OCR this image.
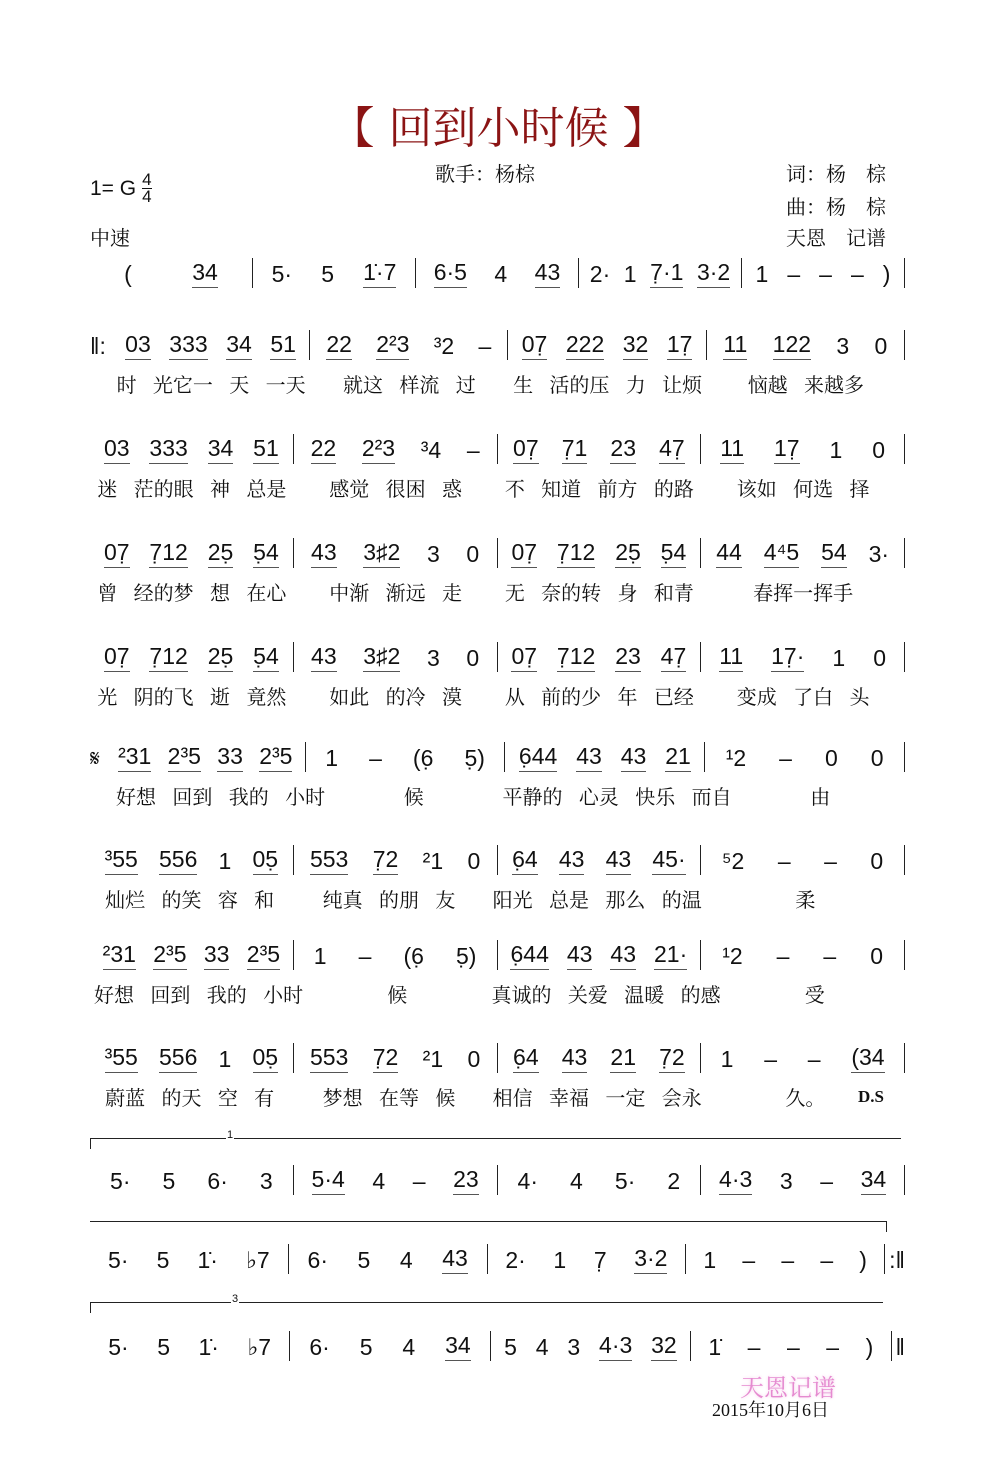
【 回到小时候 】
歌手：杨棕
1= G $\frac{4}{4}$
中速
词：杨　棕
曲：杨　棕
天恩　记谱
(	34 5· 5 1̇·7 6·5 4 43 2· 1 7̣·1 3·2 1 – – – )
‖: 03 333 34 51 22 2²3 ³2 – 07̣ 222 32 17̣ 11 122 3 0
时 光它一 天 一天 就这 样流 过 生 活的压 力 让烦 恼越 来越多
03 333 34 51 22 2²3 ³4 – 07̣ 7̣1 23 47̣ 11 17̣ 1 0
迷 茫的眼 神 总是 感觉 很困 惑 不 知道 前方 的路 该如 何选 择
07̣ 7̣12 25̣ 5̣4 43 3♯2 3 0 07̣ 7̣12 25̣ 5̣4 44 4⁴5 54 3·
曾 经的梦 想 在心 中渐 渐远 走 无 奈的转 身 和青	春挥一挥手
07̣ 7̣12 25̣ 5̣4 43 3♯2 3 0 07̣ 7̣12 23 47̣ 11 17̣· 1 0
光 阴的飞 逝 竟然 如此 的冷 漠 从 前的少 年 已经 变成 了白 头
𝄋 ²31 2³5 33 2³5 1 – (6̣ 5̣) 6̣44 43 43 21 ¹2 – 0 0
好想 回到 我的 小时	候	平静的 心灵 快乐 而自	由
³55 556 1 05̣ 553 7̣2 ²1 0 6̣4 43 43 45· ⁵2 – – 0
灿烂 的笑 容 和 纯真 的朋 友 阳光 总是 那么 的温	柔
²31 2³5 33 2³5 1 – (6̣ 5̣) 6̣44 43 43 21· ¹2 – – 0
好想 回到 我的 小时	候	真诚的 关爱 温暖 的感	受
³55 556 1 05̣ 553 7̣2 ²1 0 6̣4 43 21 7̣2 1 – – (34
蔚蓝 的天 空 有 梦想 在等 候 相信 幸福 一定 会永	久。
5· 5 6· 3 5·4 4 – 23 4· 4 5· 2 4·3 3 – 34
5· 5 1̇· ♭7 6· 5 4 43 2· 1 7̣ 3·2 1 – – – ) :‖
5· 5 1̇· ♭7 6· 5 4 34 5 4 3 4·3 32 1̇ – – – ) ‖
1
3
D.S
天恩记谱
2015年10月6日
